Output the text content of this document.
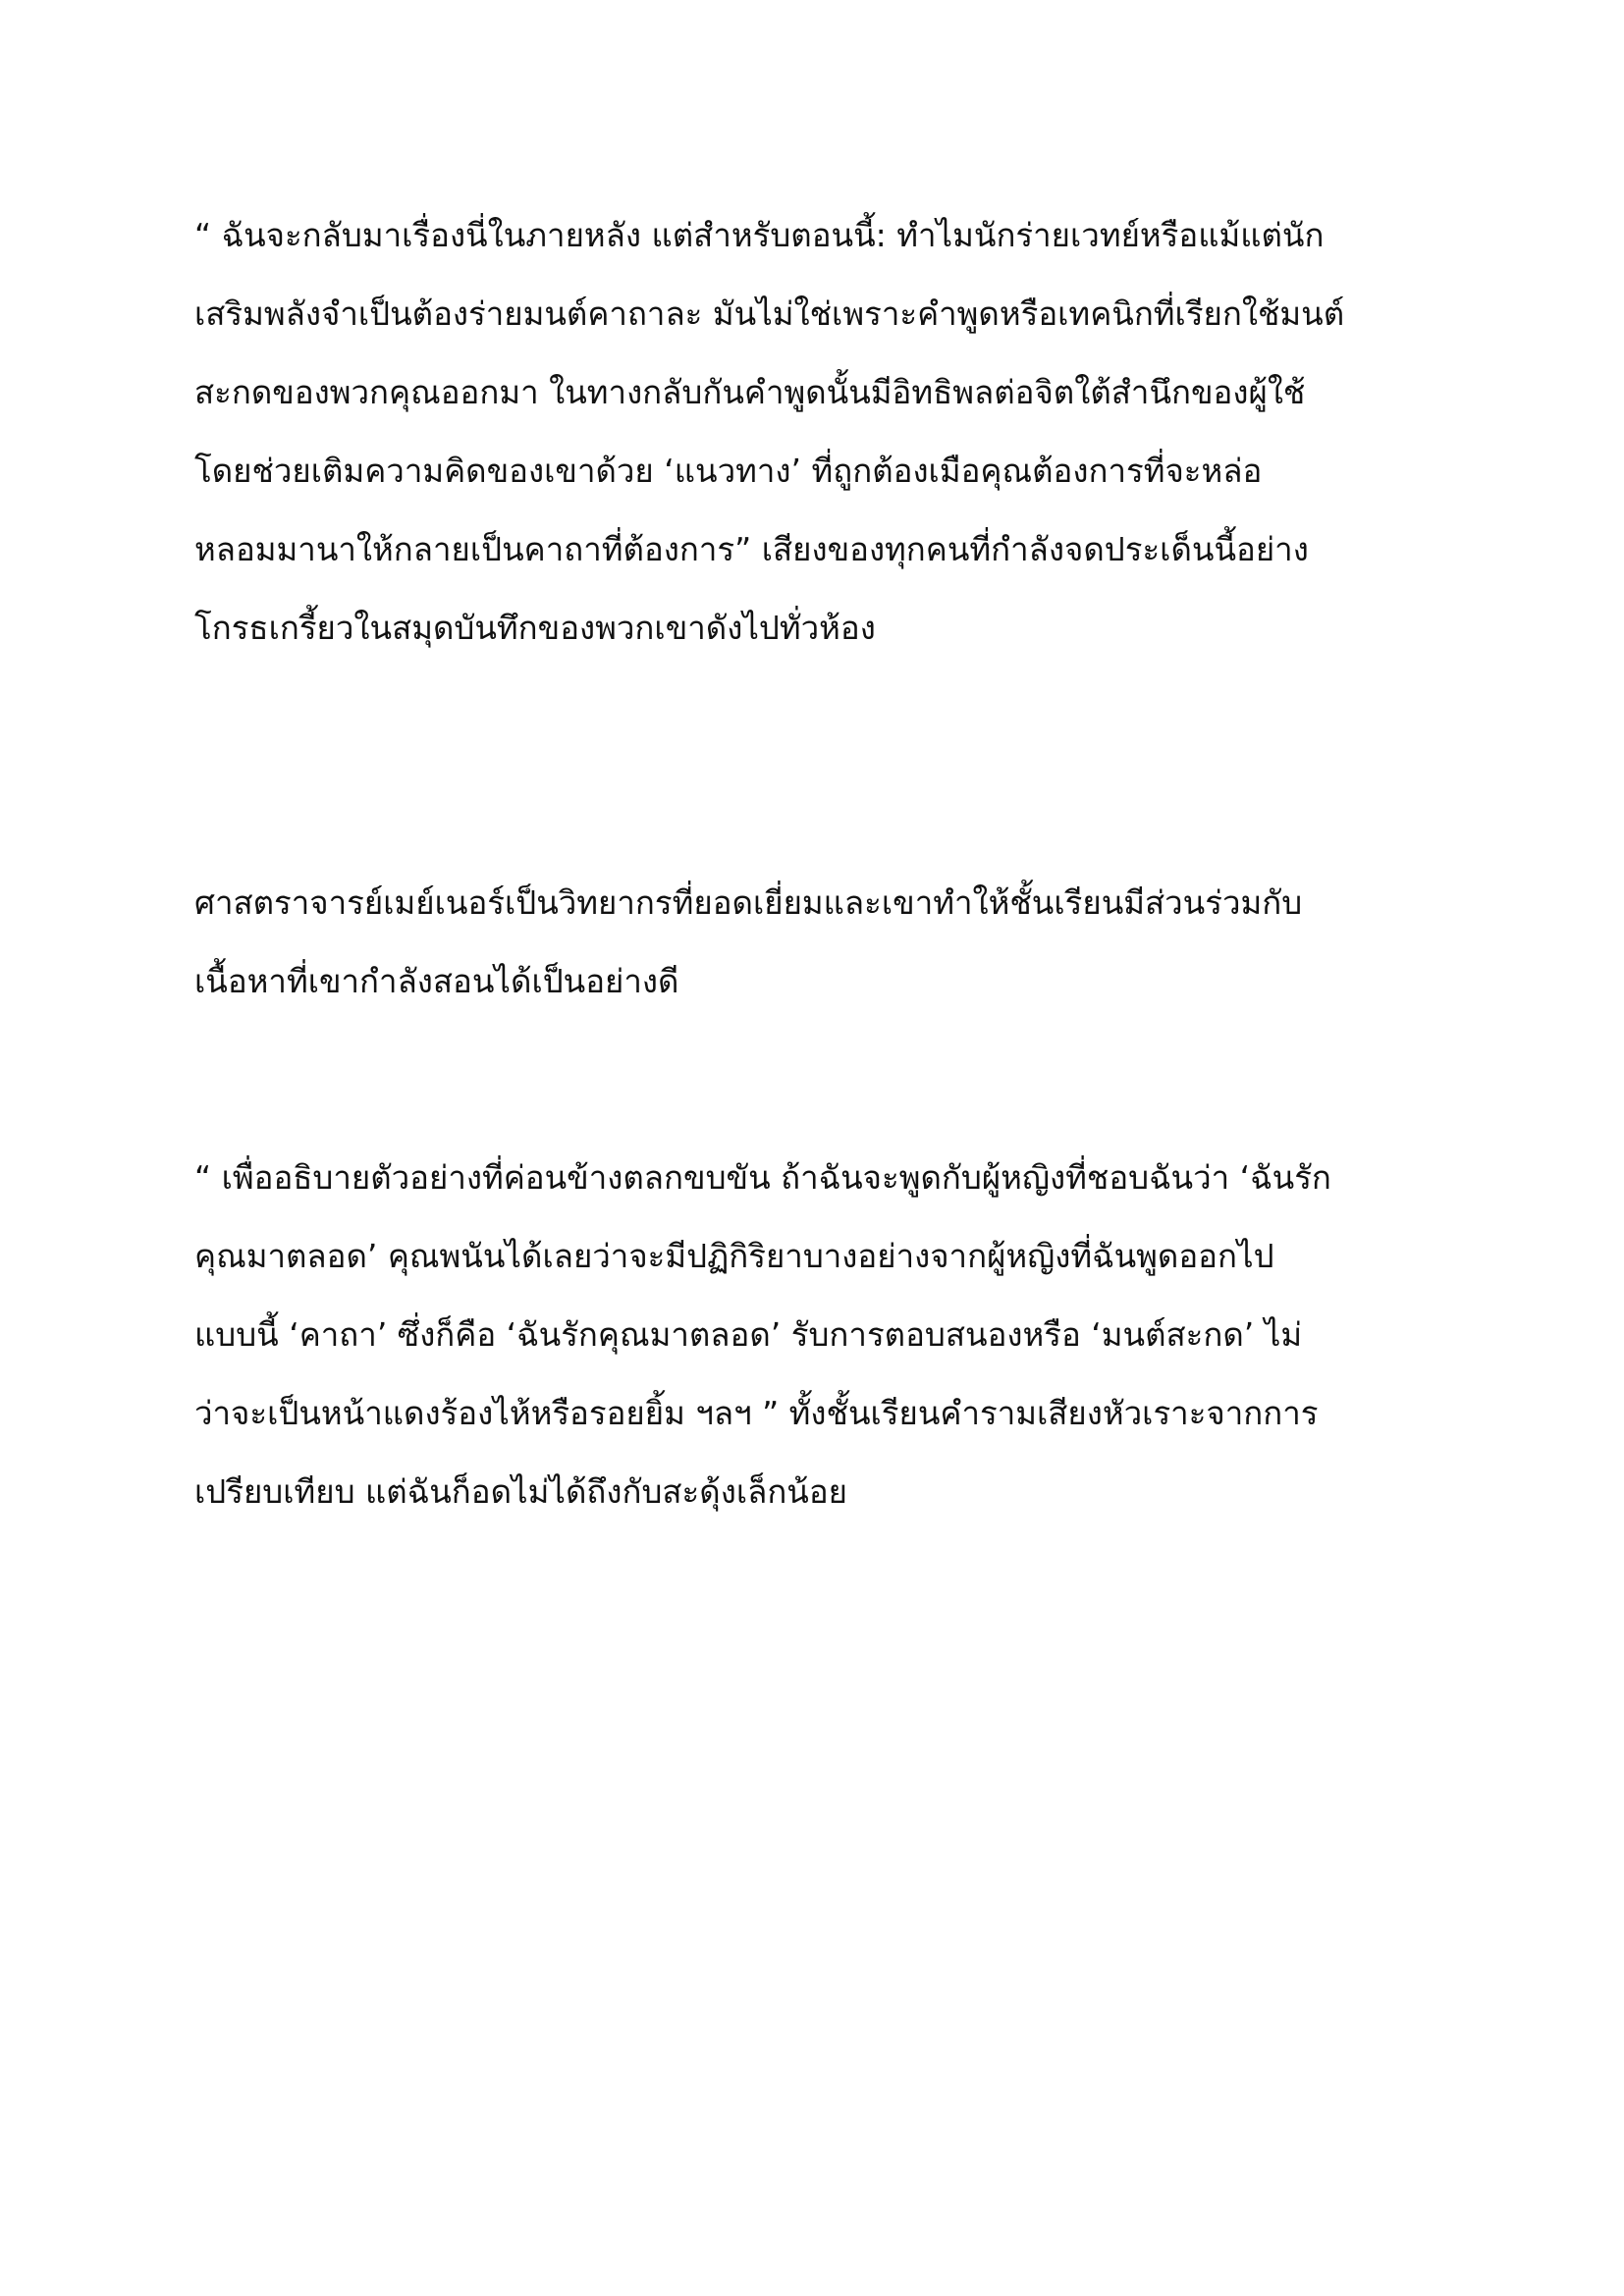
“ ฉันจะกลับมาเรื่องนี่ในภายหลัง แต่สำหรับตอนนี้: ทำไมนักร่ายเวทย์หรือแม้แต่นัก
เสริมพลังจำเป็นต้องร่ายมนต์คาถาละ มันไม่ใช่เพราะคำพูดหรือเทคนิกที่เรียกใช้มนต์
สะกดของพวกคุณออกมา ในทางกลับกันคำพูดนั้นมีอิทธิพลต่อจิตใต้สำนึกของผู้ใช้
โดยช่วยเติมความคิดของเขาด้วย ‘แนวทาง’ ที่ถูกต้องเมือคุณต้องการที่จะหล่อ
หลอมมานาให้กลายเป็นคาถาที่ต้องการ” เสียงของทุกคนที่กำลังจดประเด็นนี้อย่าง
โกรธเกรี้ยวในสมุดบันทึกของพวกเขาดังไปทั่วห้อง
ศาสตราจารย์เมย์เนอร์เป็นวิทยากรที่ยอดเยี่ยมและเขาทำให้ชั้นเรียนมีส่วนร่วมกับ
เนื้อหาที่เขากำลังสอนได้เป็นอย่างดี
“ เพื่ออธิบายตัวอย่างที่ค่อนข้างตลกขบขัน ถ้าฉันจะพูดกับผู้หญิงที่ชอบฉันว่า ‘ฉันรัก
คุณมาตลอด’ คุณพนันได้เลยว่าจะมีปฏิกิริยาบางอย่างจากผู้หญิงที่ฉันพูดออกไป
แบบนี้ ‘คาถา’ ซึ่งก็คือ ‘ฉันรักคุณมาตลอด’ รับการตอบสนองหรือ ‘มนต์สะกด’ ไม่
ว่าจะเป็นหน้าแดงร้องไห้หรือรอยยิ้ม ฯลฯ ” ทั้งชั้นเรียนคำรามเสียงหัวเราะจากการ
เปรียบเทียบ แต่ฉันก็อดไม่ได้ถึงกับสะดุ้งเล็กน้อย
